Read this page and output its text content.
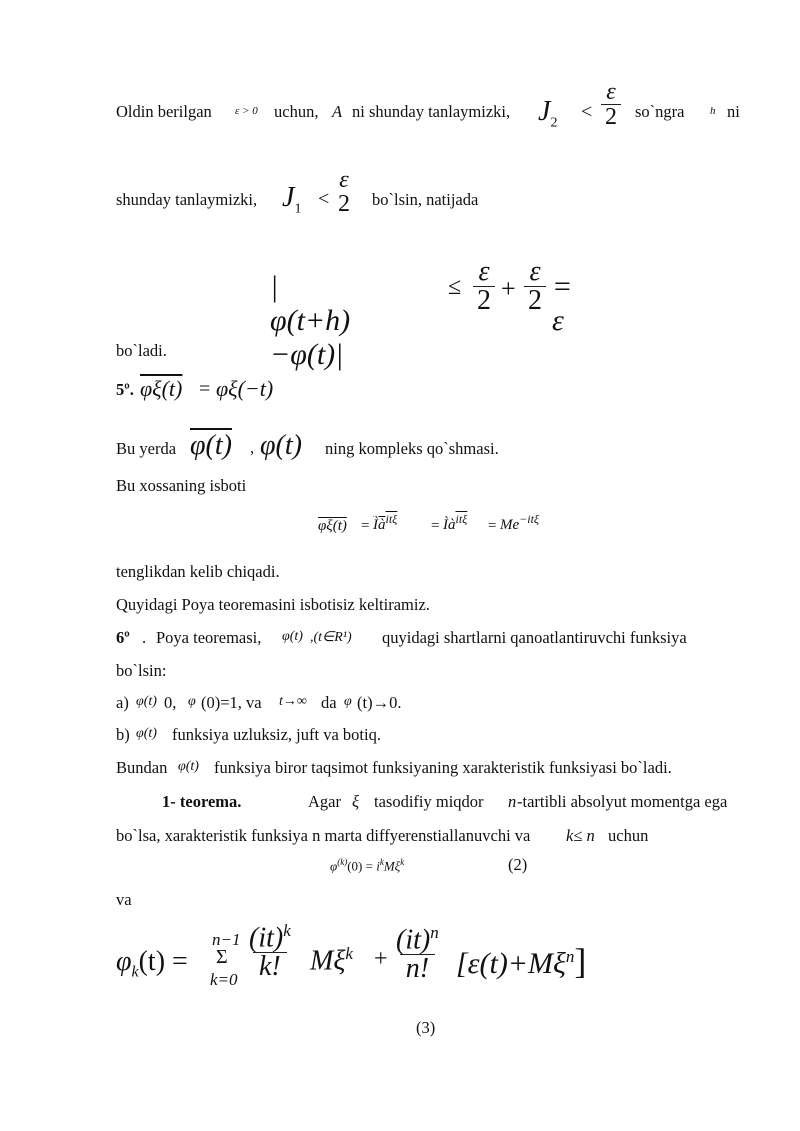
Oldin berilgan ε > 0 uchun, A ni shunday tanlaymizki, $J_2$
< $\frac{\varepsilon}{2}$ so`ngra h ni
shunday tanlaymizki, $J_1$ <
ε
2 bo`lsin, natijada
|φ(t+h)−φ(t)|
≤ $\frac{\varepsilon}{2} + \frac{\varepsilon}{2} = \varepsilon$
bo`ladi.
5º. φξ(t) = φξ(−t)
Bu yerda φ(t) , φ(t) ning kompleks qo`shmasi.
Bu xossaning isboti
$\varphi\xi(t) = Ìà^{it\xi}$ = $Ìà^{\overline{it\xi}} = Me^{-it\xi}$
tenglikdan kelib chiqadi.
Quyidagi Poya teoremasini isbotisiz keltiramiz.
6º . Poya teoremasi, φ(t) ,(t∈R¹) quyidagi shartlarni qanoatlantiruvchi funksiya
bo`lsin:
a) φ(t) 0, φ (0)=1, va t→∞ da φ (t)→0.
b) φ(t) funksiya uzluksiz, juft va botiq.
Bundan φ(t) funksiya biror taqsimot funksiyaning xarakteristik funksiyasi bo`ladi.
1- teorema.	Agar ξ tasodifiy miqdor n -tartibli absolyut momentga ega
bo`lsa, xarakteristik funksiya n marta diffyerenstiallanuvchi va k≤ n uchun
$\varphi^{(k)}(0) = i^kM\xi^k$	(2)
va
$\varphi_k(t)$ =
n−1
Σ
$k=0 \frac{(it)^k}{k!} M\xi^k + \frac{(it)^n}{n!} [\varepsilon(t)+M\xi^n]$
(3)
